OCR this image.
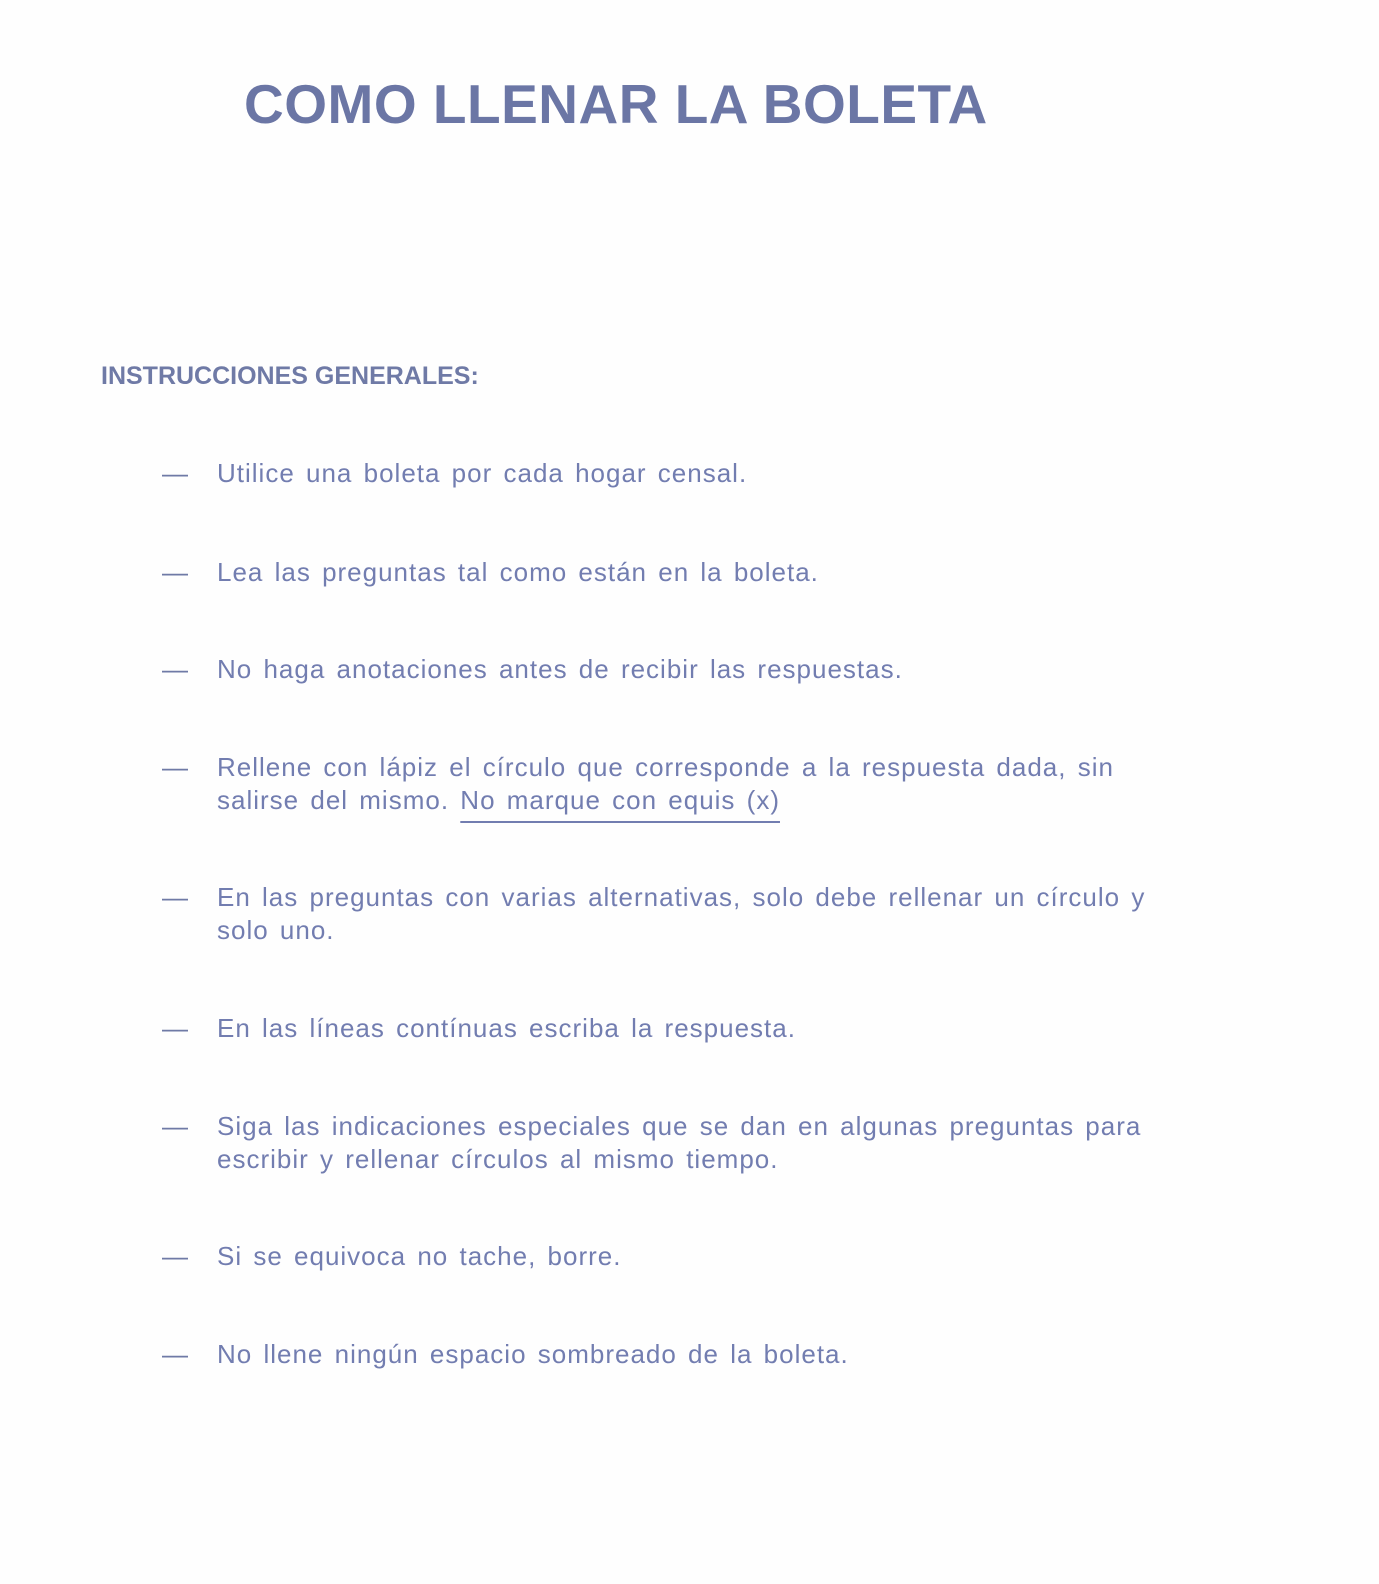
COMO LLENAR LA BOLETA
INSTRUCCIONES GENERALES:
— Utilice una boleta por cada hogar censal.
— Lea las preguntas tal como están en la boleta.
— No haga anotaciones antes de recibir las respuestas.
— Rellene con lápiz el círculo que corresponde a la respuesta dada, sin salirse del mismo. No marque con equis (x)
— En las preguntas con varias alternativas, solo debe rellenar un círculo y solo uno.
— En las líneas contínuas escriba la respuesta.
— Siga las indicaciones especiales que se dan en algunas preguntas para escribir y rellenar círculos al mismo tiempo.
— Si se equivoca no tache, borre.
— No llene ningún espacio sombreado de la boleta.
